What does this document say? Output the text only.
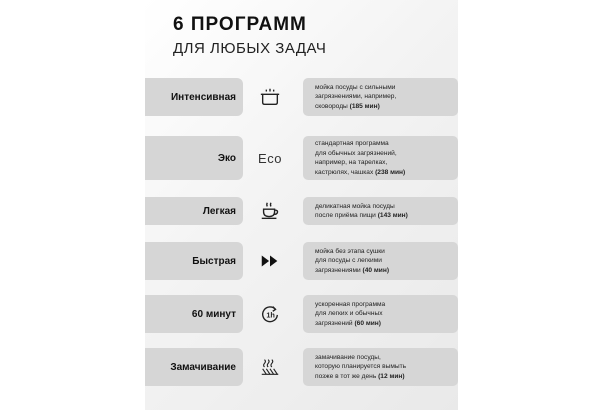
6 ПРОГРАММ
ДЛЯ ЛЮБЫХ ЗАДАЧ
Интенсивная
мойка посуды с сильными
загрязнениями, например,
сковороды (185 мин)
Эко	Eco
стандартная программа
для обычных загрязнений,
например, на тарелках,
кастрюлях, чашках (238 мин)
Легкая	деликатная мойка посуды
после приёма пищи (143 мин)
Быстрая
мойка без этапа сушки
для посуды с легкими
загрязнениями (40 мин)
60 минут	1h
ускоренная программа
для легких и обычных
загрязнений (60 мин)
Замачивание
замачивание посуды,
которую планируется вымыть
позже в тот же день (12 мин)
